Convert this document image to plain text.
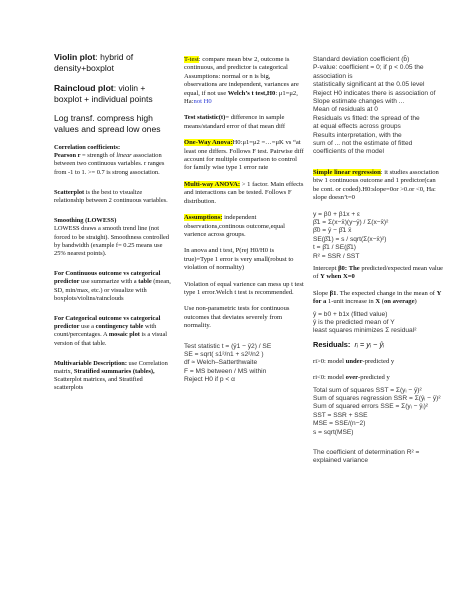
Violin plot: hybrid of density+boxplot

Raincloud plot: violin + boxplot + individual points

Log transf. compress high values and spread low ones

Correlation coefficients:

Pearson r = strength of linear association between two continuous variables. r ranges from -1 to 1. >= 0.7 is strong association.

Scatterplot is the best to visualize relationship between 2 continuous variables.

Smoothing (LOWESS)

LOWESS draws a smooth trend line (not forced to be straight). Smoothness controlled by bandwidth (example f= 0.25 means use 25% nearest points).

For Continuous outcome vs categorical predictor use summarize with a table (mean, SD, min/max, etc.) or visualize with boxplots/violins/rainclouds

For Categorical outcome vs categorical predictor use a contingency table with count/percentages. A mosaic plot is a visual version of that table.

Multivariable Description: use Correlation matrix, Stratified summaries (tables), Scatterplot matrices, and Stratified scatterplots

T-test: compare mean btw 2, outcome is continuous, and predictor is categorical

Assumptions: normal or n is big, observations are independent, variances are equal, if not use Welch’s t test,H0: μ1=μ2, Ha:not H0

Test statistic(t)= difference in sample means/standard error of that mean diff

One-Way Anova:H0:μ1=μ2 =…=μK vs “at least one differs. Follows F test. Pairwise diff account for multiple comparison to control for family wise type 1 error rate

Multi-way ANOVA: > 1 factor. Main effects and interactions can be tested. Follows F distribution.

Assumptions: independent observations,continous outcome,equal varience across groups.

In anova and t test, P(rej H0/H0 is true)=Type 1 error is very small(robust to violation of normality)

Violation of equal varience can mess up t test type 1 error.Welch t test is recommended.

Use non-parametric tests for continuous outcomes that deviates severely from normality.

Test statistic t = (ȳ1 − ȳ2) / SE

SE = sqrt( s1²/n1 + s2²/n2 )

df ≈ Welch–Satterthwaite

F = MS between / MS within

Reject H0 if p < α

Standard deviation coefficient (b̂)

P-value: coefficient = 0; if p < 0.05 the association is

statistically significant at the 0.05 level

Reject H0 indicates there is association of

Slope estimate changes with ...

Mean of residuals at 0

Residuals vs fitted: the spread of the

at equal effects across groups

Results interpretation, with the

sum of ... not the estimate of fitted

coefficients of the model

Simple linear regression: it studies association btw 1 continuous outcome and 1 predictor(can be cont. or coded).H0:slope=0or >0.or <0, Ha: slope doesn’t=0

y = β0 + β1x + ε

β̂1 = Σ(x−x̄)(y−ȳ) / Σ(x−x̄)²

β̂0 = ȳ − β̂1 x̄

SE(β̂1) = s / sqrt(Σ(x−x̄)²)

t = β̂1 / SE(β̂1)

R² = SSR / SST

Intercept β0: The predicted/expected mean value of Y when X=0

Slope β1. The expected change in the mean of Y for a 1-unit increase in X (on average)

ŷ = b0 + b1x (fitted value)

ŷ is the predicted mean of Y

least squares minimizes Σ residual²

Residuals: rᵢ = yᵢ − ŷᵢ

ri>0: model under-predicted y

ri<0: model over-predicted y

Total sum of squares SST = Σ(yᵢ − ȳ)²

Sum of squares regression SSR = Σ(ŷᵢ − ȳ)²

Sum of squared errors SSE = Σ(yᵢ − ŷᵢ)²

SST = SSR + SSE

MSE = SSE/(n−2)

s = sqrt(MSE)

The coefficient of determination R² = explained variance
